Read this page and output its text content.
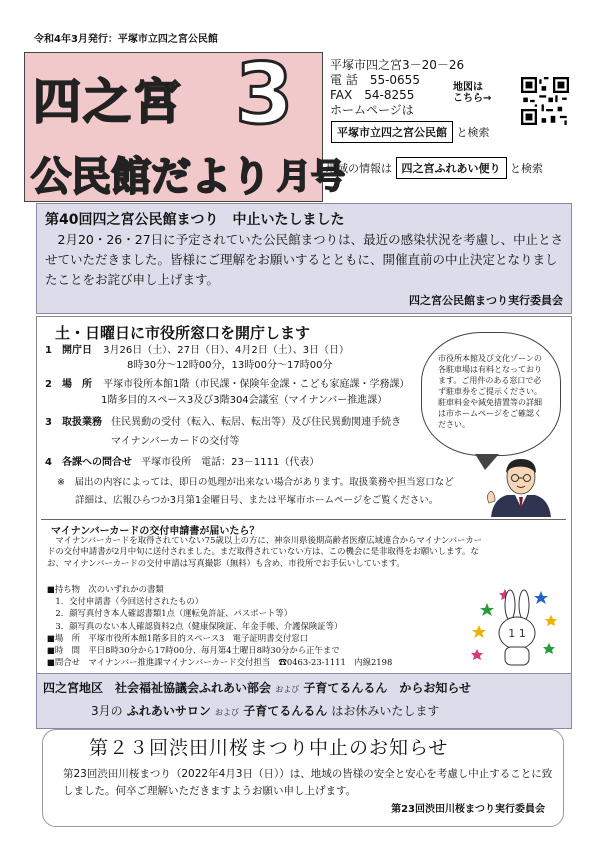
令和4年3月発行：平塚市立四之宮公民館
四之宮 3
公民館だより 月号
平塚市四之宮3－20－26
電 話　55-0655
FAX　54-8255
ホームページは
地図は
こちら→
平塚市立四之宮公民館 と検索
地域の情報は 四之宮ふれあい便り と検索
第40回四之宮公民館まつり　中止いたしました
　2月20・26・27日に予定されていた公民館まつりは、最近の感染状況を考慮し、中止とさせていただきました。皆様にご理解をお願いするとともに、開催直前の中止決定となりましたことをお詫び申し上げます。
四之宮公民館まつり実行委員会
土・日曜日に市役所窓口を開庁します
1　開庁日 3月26日（土）、27日（日）、4月2日（土）、3日（日）
8時30分～12時00分，13時00分～17時00分
2　場　所 平塚市役所本館1階（市民課・保険年金課・こども家庭課・学務課）
1階多目的スペース3及び3階304会議室（マイナンバー推進課）
3　取扱業務 住民異動の受付（転入、転居、転出等）及び住民異動関連手続き
マイナンバーカードの交付等
4　各課への問合せ 平塚市役所　電話：23－1111（代表）
※　届出の内容によっては、即日の処理が出来ない場合があります。取扱業務や担当窓口など
詳細は、広報ひらつか3月第1金曜日号、または平塚市ホームページをご覧ください。
市役所本館及び文化ゾーンの各駐車場は有料となっております。ご用件のある窓口で必ず駐車券をご提示ください。駐車料金や減免措置等の詳細は市ホームページをご確認ください。
マイナンバーカードの交付申請書が届いたら？
　マイナンバーカードを取得されていない75歳以上の方に、神奈川県後期高齢者医療広域連合からマイナンバーカードの交付申請書が2月中旬に送付されました。まだ取得されていない方は、この機会に是非取得をお願いします。なお、マイナンバーカードの交付申請は写真撮影（無料）も含め、市役所でお手伝いしています。
■持ち物　次のいずれかの書類
　1．交付申請書（今回送付されたもの）
　2．顔写真付き本人確認書類1点（運転免許証、パスポート等）
　3．顔写真のない本人確認資料2点（健康保険証、年金手帳、介護保険証等）
■場　所　平塚市役所本館1階多目的スペース3　電子証明書交付窓口
■時　間　平日8時30分から17時00分、毎月第4土曜日8時30分から正午まで
■問合せ　マイナンバー推進課マイナンバーカード交付担当　☎0463-23-1111　内線2198
1 1
四之宮地区　社会福祉協議会ふれあい部会 および 子育てるんるん　からお知らせ
3月の ふれあいサロン および 子育てるんるん はお休みいたします
第２３回渋田川桜まつり中止のお知らせ
第23回渋田川桜まつり（2022年4月3日（日））は、地域の皆様の安全と安心を考慮し中止することに致しました。何卒ご理解いただきますようお願い申し上げます。
第23回渋田川桜まつり実行委員会
